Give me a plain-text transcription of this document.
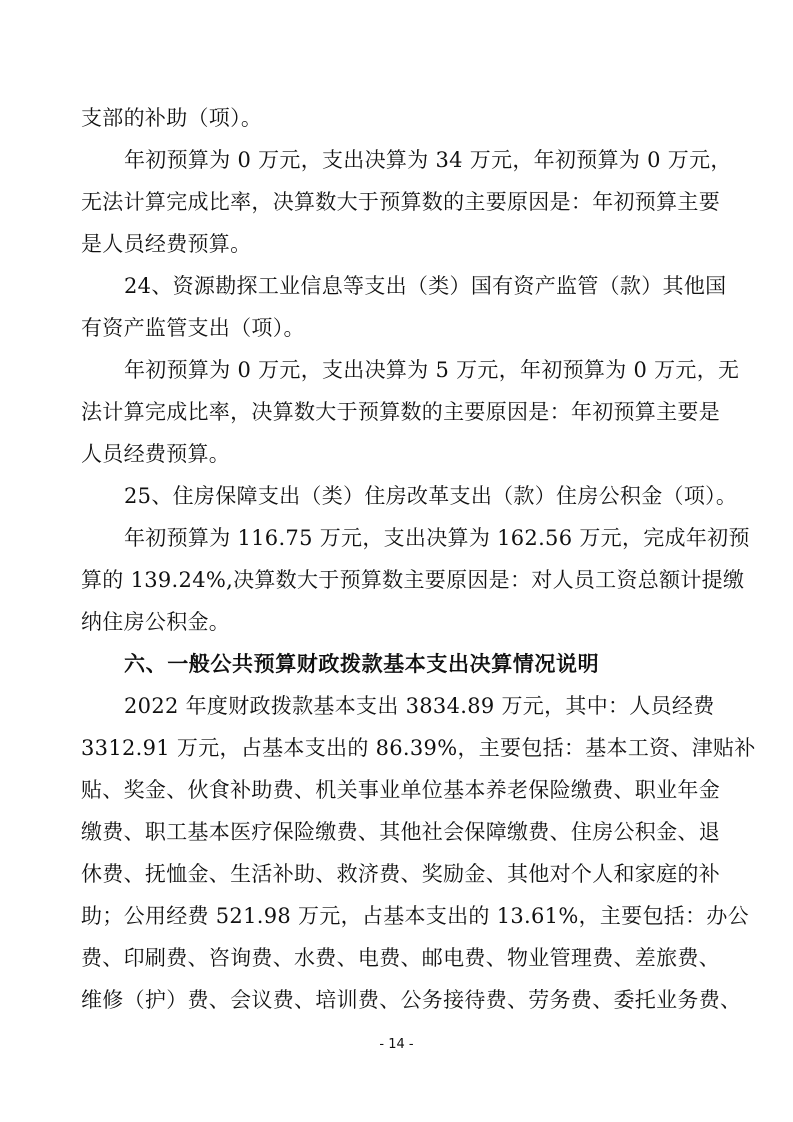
支部的补助（项）。
年初预算为 0 万元，支出决算为 34 万元，年初预算为 0 万元，
无法计算完成比率，决算数大于预算数的主要原因是：年初预算主要
是人员经费预算。
24、资源勘探工业信息等支出（类）国有资产监管（款）其他国
有资产监管支出（项）。
年初预算为 0 万元，支出决算为 5 万元，年初预算为 0 万元，无
法计算完成比率，决算数大于预算数的主要原因是：年初预算主要是
人员经费预算。
25、住房保障支出（类）住房改革支出（款）住房公积金（项）。
年初预算为 116.75 万元，支出决算为 162.56 万元，完成年初预
算的 139.24%,决算数大于预算数主要原因是：对人员工资总额计提缴
纳住房公积金。
六、一般公共预算财政拨款基本支出决算情况说明
2022 年度财政拨款基本支出 3834.89 万元，其中：人员经费
3312.91 万元，占基本支出的 86.39%，主要包括：基本工资、津贴补
贴、奖金、伙食补助费、机关事业单位基本养老保险缴费、职业年金
缴费、职工基本医疗保险缴费、其他社会保障缴费、住房公积金、退
休费、抚恤金、生活补助、救济费、奖励金、其他对个人和家庭的补
助；公用经费 521.98 万元，占基本支出的 13.61%，主要包括：办公
费、印刷费、咨询费、水费、电费、邮电费、物业管理费、差旅费、
维修（护）费、会议费、培训费、公务接待费、劳务费、委托业务费、
- 14 -
